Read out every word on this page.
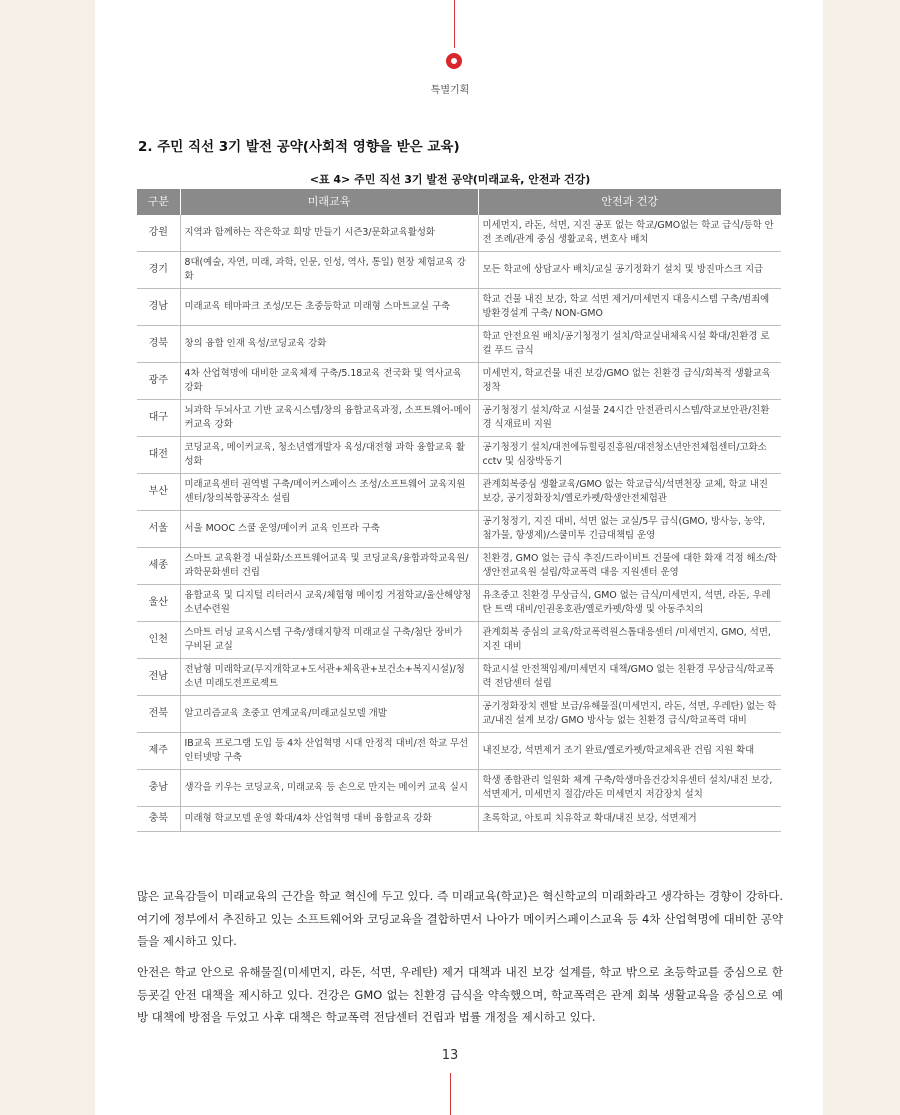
특별기획
2. 주민 직선 3기 발전 공약(사회적 영향을 받은 교육)
<표 4> 주민 직선 3기 발전 공약(미래교육, 안전과 건강)
구분	미래교육	안전과 건강
강원	지역과 함께하는 작은학교 희망 만들기 시즌3/문화교육활성화	미세먼지, 라돈, 석면, 지진 공포 없는 학교/GMO없는 학교 급식/등학 안전 조례/관계 중심 생활교육, 변호사 배치
경기	8대(예술, 자연, 미래, 과학, 인문, 인성, 역사, 통일) 현장 체험교육 강화	모든 학교에 상담교사 배치/교실 공기정화기 설치 및 방진마스크 지급
경남	미래교육 테마파크 조성/모든 초중등학교 미래형 스마트교실 구축	학교 건물 내진 보강, 학교 석면 제거/미세먼지 대응시스템 구축/범죄예방환경설계 구축/ NON-GMO
경북	창의 융합 인재 육성/코딩교육 강화	학교 안전요원 배치/공기청정기 설치/학교실내체육시설 확대/친환경 로컬 푸드 급식
광주	4차 산업혁명에 대비한 교육체제 구축/5.18교육 전국화 및 역사교육 강화	미세먼지, 학교건물 내진 보강/GMO 없는 친환경 급식/회복적 생활교육 정착
대구	뇌과학 두뇌사고 기반 교육시스템/창의 융합교육과정, 소프트웨어-메이커교육 강화	공기청정기 설치/학교 시설물 24시간 안전관리시스템/학교보안관/친환경 식재료비 지원
대전	코딩교육, 메이커교육, 청소년앱개발자 육성/대전형 과학 융합교육 활성화	공기청정기 설치/대전에듀힐링진흥원/대전청소년안전체험센터/고화소 cctv 및 심장박동기
부산	미래교육센터 권역별 구축/메이커스페이스 조성/소프트웨어 교육지원센터/창의복합공작소 설립	관계회복중심 생활교육/GMO 없는 학교급식/석면천장 교체, 학교 내진 보강, 공기정화장치/옐로카펫/학생안전체험관
서울	서울 MOOC 스쿨 운영/메이커 교육 인프라 구축	공기청정기, 지진 대비, 석면 없는 교실/5무 급식(GMO, 방사능, 농약, 첨가물, 항생제)/스쿨미투 긴급대책팀 운영
세종	스마트 교육환경 내실화/소프트웨어교육 및 코딩교육/융합과학교육원/과학문화센터 건립	친환경, GMO 없는 급식 추진/드라이비트 건물에 대한 화재 걱정 해소/학생안전교육원 설립/학교폭력 대응 지원센터 운영
울산	융합교육 및 디지털 리터러시 교육/체험형 메이킹 거점학교/울산해양청소년수련원	유초중고 친환경 무상급식, GMO 없는 급식/미세먼지, 석면, 라돈, 우레탄 트랙 대비/인권옹호관/옐로카펫/학생 및 아동주치의
인천	스마트 러닝 교육시스템 구축/생태지향적 미래교실 구축/첨단 장비가 구비된 교실	관계회복 중심의 교육/학교폭력원스톱대응센터 /미세먼지, GMO, 석면, 지진 대비
전남	전남형 미래학교(무지개학교+도서관+체육관+보건소+복지시설)/청소년 미래도전프로젝트	학교시설 안전책임제/미세먼지 대책/GMO 없는 친환경 무상급식/학교폭력 전담센터 설립
전북	알고리즘교육 초중고 연계교육/미래교실모델 개발	공기정화장치 렌탈 보급/유해물질(미세먼지, 라돈, 석면, 우레탄) 없는 학교/내진 설계 보강/ GMO 방사능 없는 친환경 급식/학교폭력 대비
제주	IB교육 프로그램 도입 등 4차 산업혁명 시대 안정적 대비/전 학교 무선인터넷망 구축	내진보강, 석면제거 조기 완료/옐로카펫/학교체육관 건립 지원 확대
충남	생각을 키우는 코딩교육, 미래교육 등 손으로 만지는 메이커 교육 실시	학생 종합관리 일원화 체계 구축/학생마음건강치유센터 설치/내진 보강, 석면제거, 미세먼지 절감/라돈 미세먼지 저감장치 설치
충북	미래형 학교모델 운영 확대/4차 산업혁명 대비 융합교육 강화	초록학교, 아토피 치유학교 확대/내진 보강, 석면제거

많은 교육감들이 미래교육의 근간을 학교 혁신에 두고 있다. 즉 미래교육(학교)은 혁신학교의 미래화라고 생각하는 경향이 강하다. 여기에 정부에서 추진하고 있는 소프트웨어와 코딩교육을 결합하면서 나아가 메이커스페이스교육 등 4차 산업혁명에 대비한 공약들을 제시하고 있다.

안전은 학교 안으로 유해물질(미세먼지, 라돈, 석면, 우레탄) 제거 대책과 내진 보강 설계를, 학교 밖으로 초등학교를 중심으로 한 등굣길 안전 대책을 제시하고 있다. 건강은 GMO 없는 친환경 급식을 약속했으며, 학교폭력은 관계 회복 생활교육을 중심으로 예방 대책에 방점을 두었고 사후 대책은 학교폭력 전담센터 건립과 법률 개정을 제시하고 있다.

13
